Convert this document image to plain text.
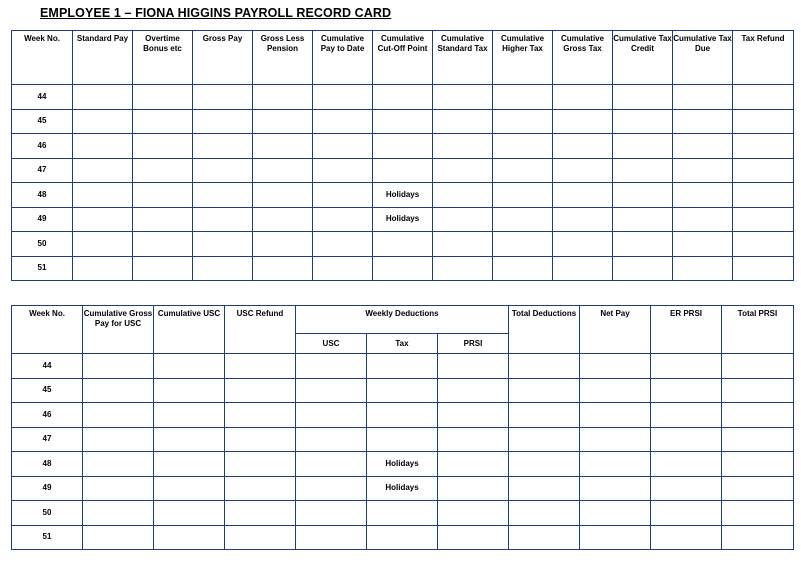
EMPLOYEE 1 – FIONA HIGGINS PAYROLL RECORD CARD
Week No.	Standard Pay	Overtime Bonus etc	Gross Pay	Gross Less Pension	Cumulative Pay to Date	Cumulative Cut-Off Point	Cumulative Standard Tax	Cumulative Higher Tax	Cumulative Gross Tax	Cumulative Tax Credit	Cumulative Tax Due	Tax Refund
44												
45												
46												
47												
48						Holidays						
49						Holidays						
50												
51												
Week No.	Cumulative Gross Pay for USC	Cumulative USC	USC Refund	Weekly Deductions			Total Deductions	Net Pay	ER PRSI	Total PRSI
				USC	Tax	PRSI				
44										
45										
46										
47										
48					Holidays					
49					Holidays					
50										
51										
